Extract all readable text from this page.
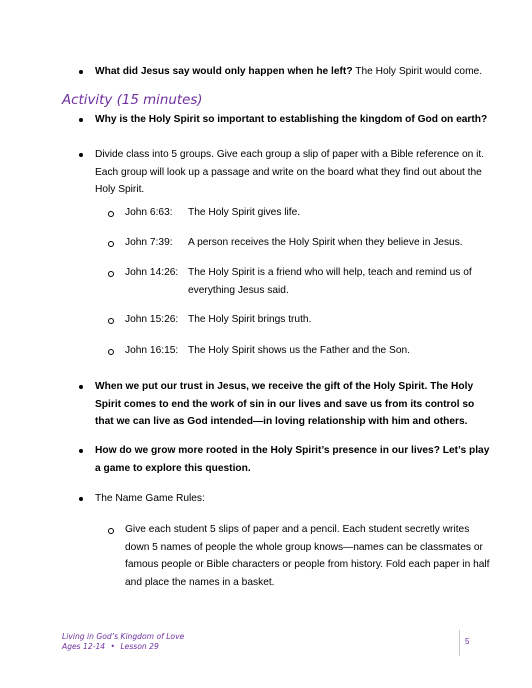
What did Jesus say would only happen when he left? The Holy Spirit would come.
Activity (15 minutes)
Why is the Holy Spirit so important to establishing the kingdom of God on earth?
Divide class into 5 groups. Give each group a slip of paper with a Bible reference on it.
Each group will look up a passage and write on the board what they find out about the
Holy Spirit.
John 6:63: The Holy Spirit gives life.
John 7:39: A person receives the Holy Spirit when they believe in Jesus.
John 14:26: The Holy Spirit is a friend who will help, teach and remind us of
everything Jesus said.
John 15:26: The Holy Spirit brings truth.
John 16:15: The Holy Spirit shows us the Father and the Son.
When we put our trust in Jesus, we receive the gift of the Holy Spirit. The Holy
Spirit comes to end the work of sin in our lives and save us from its control so
that we can live as God intended—in loving relationship with him and others.
How do we grow more rooted in the Holy Spirit’s presence in our lives? Let’s play
a game to explore this question.
The Name Game Rules:
Give each student 5 slips of paper and a pencil. Each student secretly writes
down 5 names of people the whole group knows—names can be classmates or
famous people or Bible characters or people from history. Fold each paper in half
and place the names in a basket.
Living in God’s Kingdom of Love
Ages 12-14 • Lesson 29
5
